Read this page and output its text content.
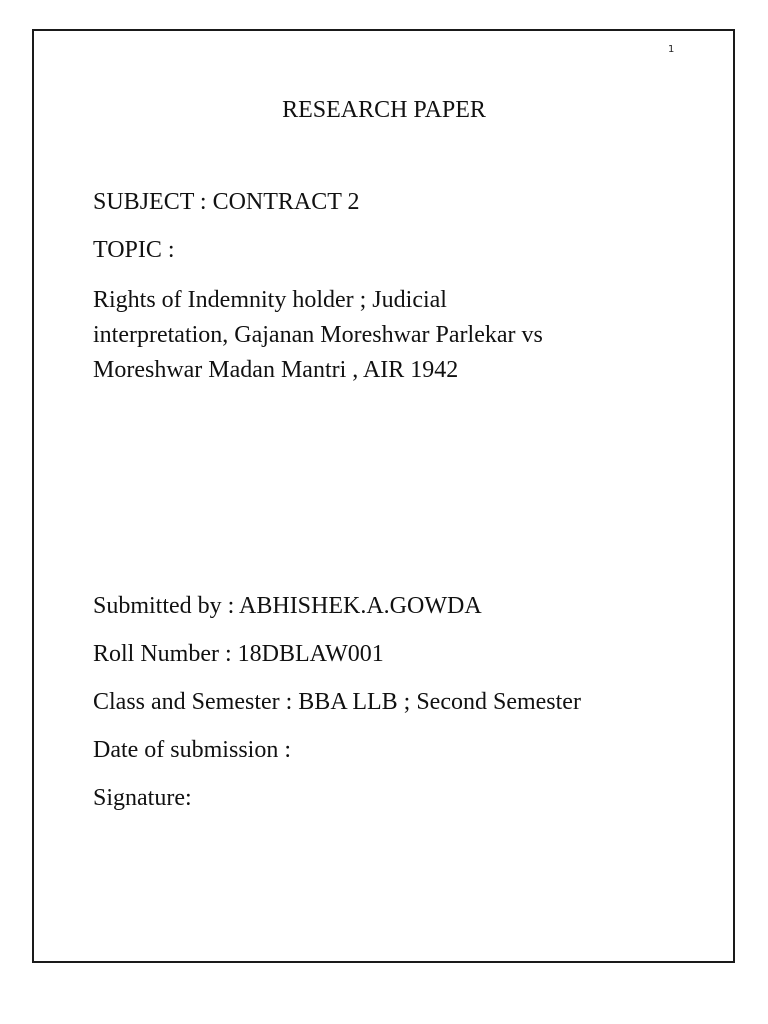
1
RESEARCH PAPER
SUBJECT : CONTRACT 2
TOPIC :
Rights of Indemnity holder ; Judicial
interpretation, Gajanan Moreshwar Parlekar vs
Moreshwar Madan Mantri , AIR 1942
Submitted by : ABHISHEK.A.GOWDA
Roll Number : 18DBLAW001
Class and Semester : BBA LLB ; Second Semester
Date of submission :
Signature:
